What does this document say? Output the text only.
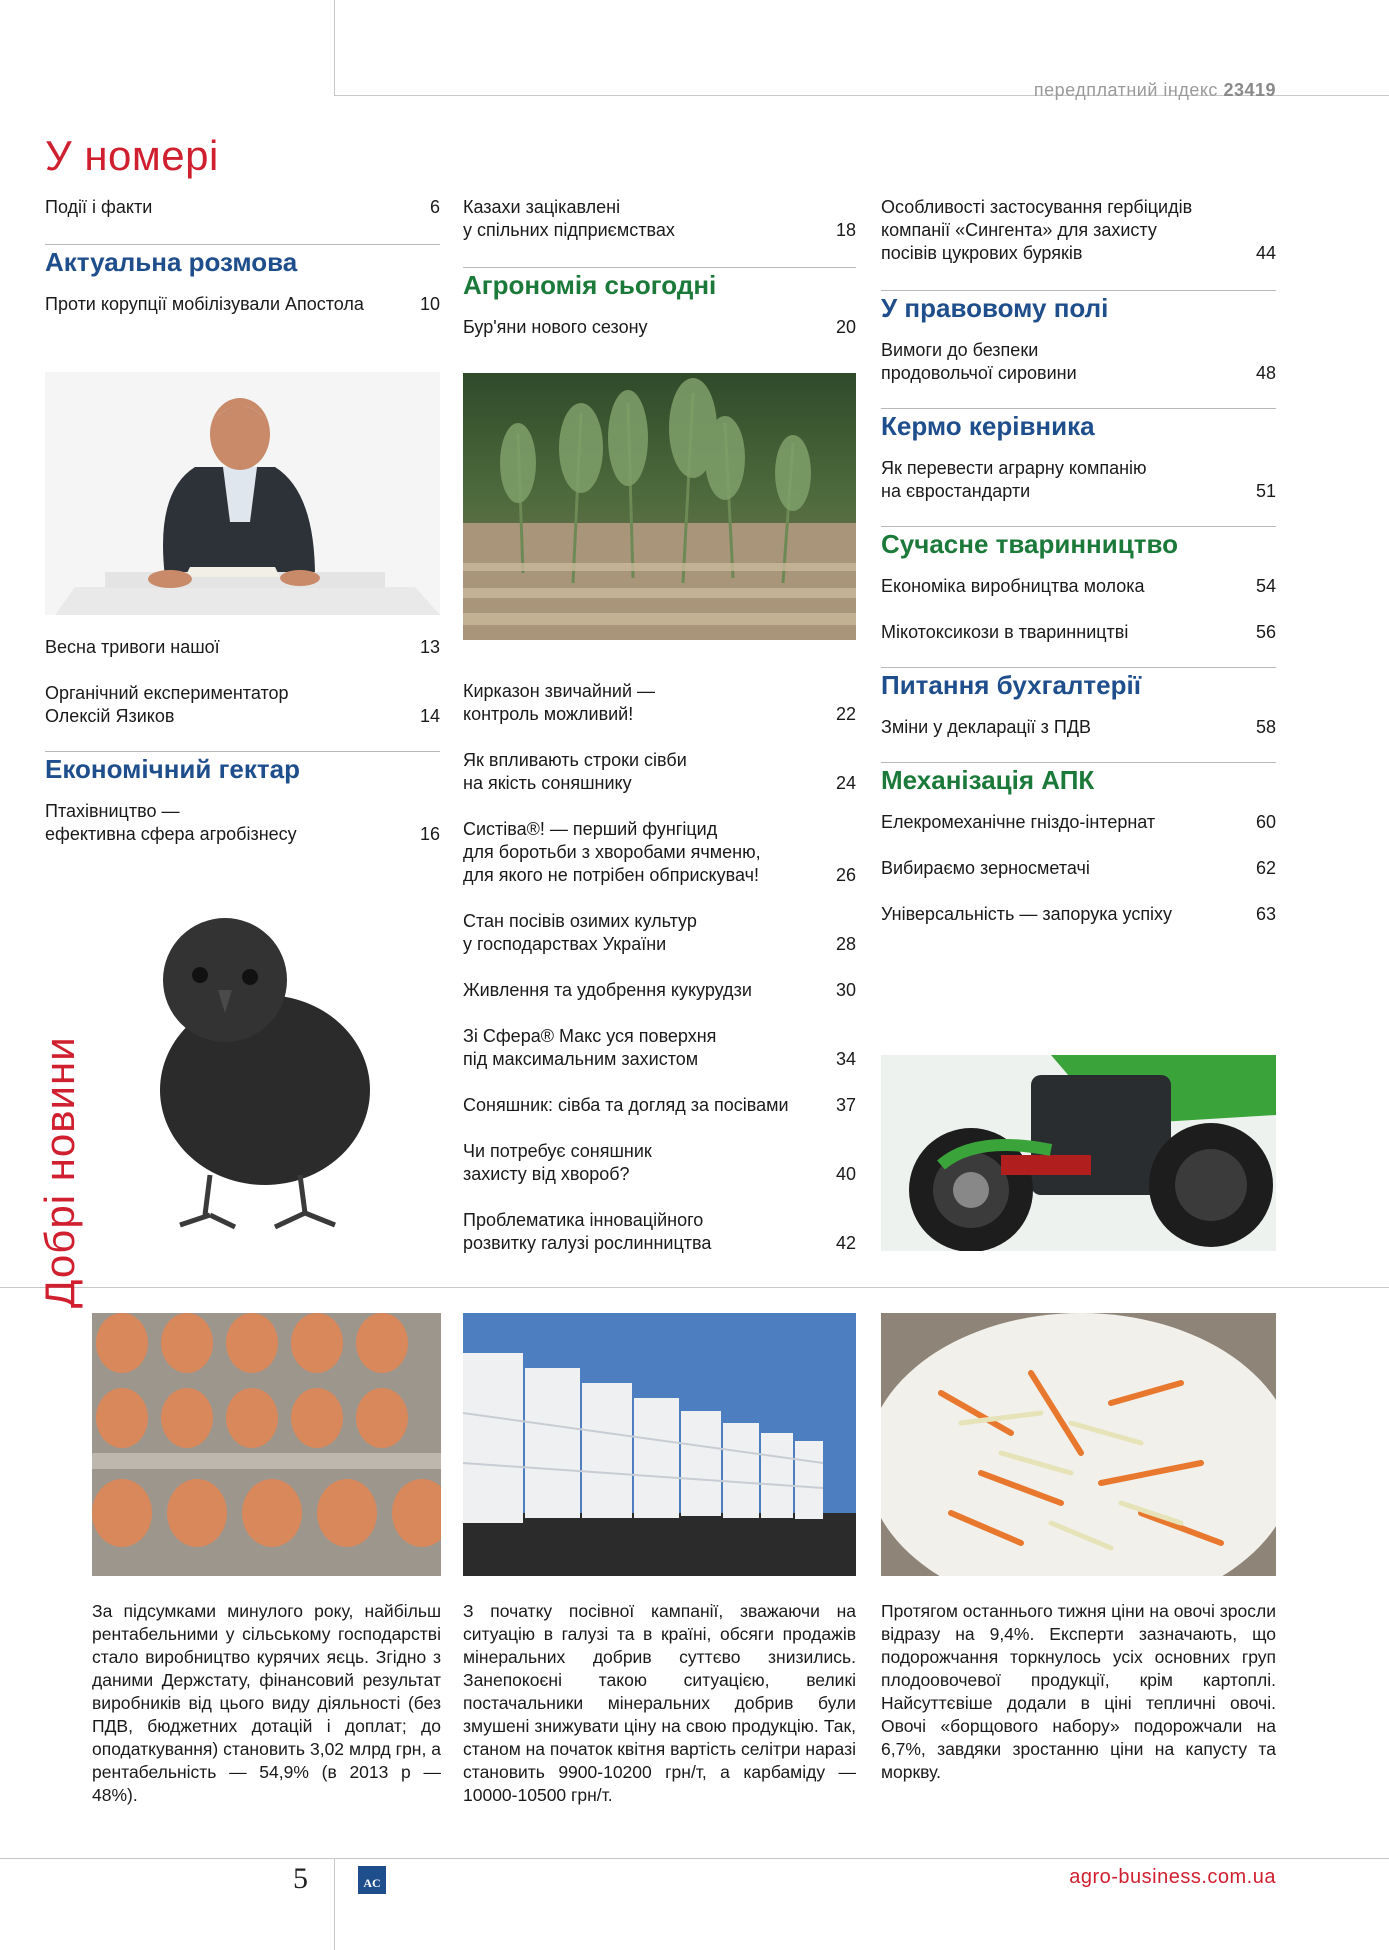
передплатний індекс 23419
У номері
Події і факти	6
Актуальна розмова
Проти корупції мобілізували Апостола	10
Весна тривоги нашої	13
Органічний експериментатор
Олексій Язиков	14
Економічний гектар
Птахівництво —
ефективна сфера агробізнесу	16
Казахи зацікавлені
у спільних підприємствах	18
Агрономія сьогодні
Бур'яни нового сезону	20
Кирказон звичайний —
контроль можливий!	22
Як впливають строки сівби
на якість соняшнику	24
Систіва®! — перший фунгіцид
для боротьби з хворобами ячменю,
для якого не потрібен обприскувач!	26
Стан посівів озимих культур
у господарствах України	28
Живлення та удобрення кукурудзи	30
Зі Сфера® Макс уся поверхня
під максимальним захистом	34
Соняшник: сівба та догляд за посівами	37
Чи потребує соняшник
захисту від хвороб?	40
Проблематика інноваційного
розвитку галузі рослинництва	42
Особливості застосування гербіцидів
компанії «Сингента» для захисту
посівів цукрових буряків	44
У правовому полі
Вимоги до безпеки
продовольчої сировини	48
Кермо керівника
Як перевести аграрну компанію
на євростандарти	51
Сучасне тваринництво
Економіка виробництва молока	54
Мікотоксикози в тваринництві	56
Питання бухгалтерії
Зміни у декларації з ПДВ	58
Механізація АПК
Елекромеханічне гніздо-інтернат	60
Вибираємо зерносметачі	62
Універсальність — запорука успіху	63
Добрі новини
За підсумками минулого року, найбільш рентабельними у сільському господарстві стало виробництво курячих яєць. Згідно з даними Держстату, фінансовий результат виробників від цього виду діяльності (без ПДВ, бюджетних дотацій і доплат; до оподаткування) становить 3,02 млрд грн, а рентабельність — 54,9% (в 2013 р — 48%).
З початку посівної кампанії, зважаючи на ситуацію в галузі та в країні, обсяги продажів мінеральних добрив суттєво знизились. Занепокоєні такою ситуацією, великі постачальники мінеральних добрив були змушені знижувати ціну на свою продукцію. Так, станом на початок квітня вартість селітри наразі становить 9900-10200 грн/т, а карбаміду — 10000-10500 грн/т.
Протягом останнього тижня ціни на овочі зросли відразу на 9,4%. Експерти зазначають, що подорожчання торкнулось усіх основних груп плодоовочевої продукції, крім картоплі. Найсуттєвіше додали в ціні тепличні овочі. Овочі «борщового набору» подорожчали на 6,7%, завдяки зростанню ціни на капусту та моркву.
5	AC	agro-business.com.ua
